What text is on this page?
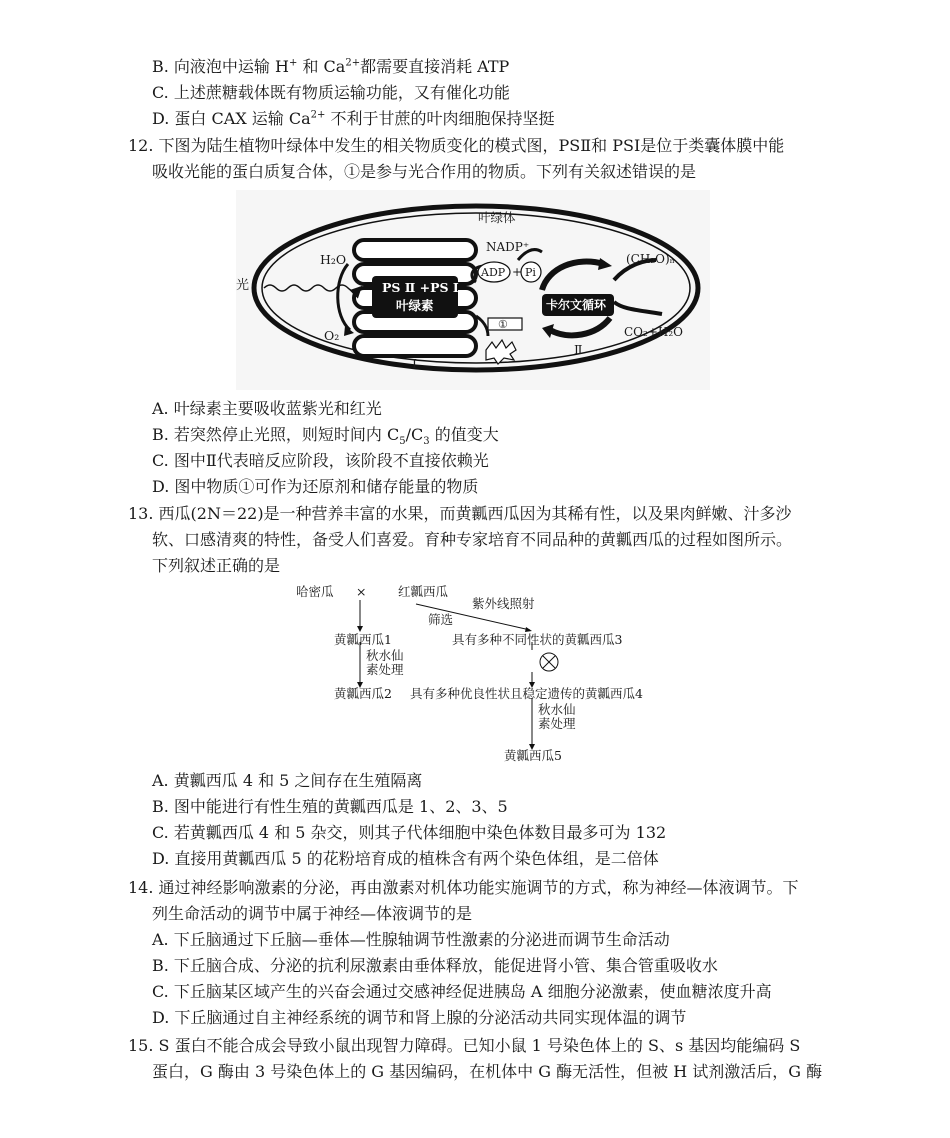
B. 向液泡中运输 H+ 和 $Ca^{2+}$都需要直接消耗 ATP
C. 上述蔗糖载体既有物质运输功能，又有催化功能
D. 蛋白 CAX 运输 $Ca^{2+}$ 不利于甘蔗的叶肉细胞保持坚挺
12. 下图为陆生植物叶绿体中发生的相关物质变化的模式图，PSⅡ和 PSⅠ是位于类囊体膜中能
吸收光能的蛋白质复合体，①是参与光合作用的物质。下列有关叙述错误的是
叶绿体
光
H₂O
O₂
PS Ⅱ +PS Ⅰ
叶绿素
NADP⁺
ADP + Pi
①
卡尔文循环
(CH₂O)ₙ
CO₂+H₂O
Ⅰ
Ⅱ
A. 叶绿素主要吸收蓝紫光和红光
B. 若突然停止光照，则短时间内 $C_5/C_3$ 的值变大
C. 图中Ⅱ代表暗反应阶段，该阶段不直接依赖光
D. 图中物质①可作为还原剂和储存能量的物质
13. 西瓜(2N＝22)是一种营养丰富的水果，而黄瓤西瓜因为其稀有性，以及果肉鲜嫩、汁多沙
软、口感清爽的特性，备受人们喜爱。育种专家培育不同品种的黄瓤西瓜的过程如图所示。
下列叙述正确的是
哈密瓜 ×	红瓤西瓜
紫外线照射
筛选
黄瓤西瓜1	具有多种不同性状的黄瓤西瓜3
秋水仙
素处理
黄瓤西瓜2 具有多种优良性状且稳定遗传的黄瓤西瓜4
秋水仙
素处理
黄瓤西瓜5
A. 黄瓤西瓜 4 和 5 之间存在生殖隔离
B. 图中能进行有性生殖的黄瓤西瓜是 1、2、3、5
C. 若黄瓤西瓜 4 和 5 杂交，则其子代体细胞中染色体数目最多可为 132
D. 直接用黄瓤西瓜 5 的花粉培育成的植株含有两个染色体组，是二倍体
14. 通过神经影响激素的分泌，再由激素对机体功能实施调节的方式，称为神经—体液调节。下
列生命活动的调节中属于神经—体液调节的是
A. 下丘脑通过下丘脑—垂体—性腺轴调节性激素的分泌进而调节生命活动
B. 下丘脑合成、分泌的抗利尿激素由垂体释放，能促进肾小管、集合管重吸收水
C. 下丘脑某区域产生的兴奋会通过交感神经促进胰岛 A 细胞分泌激素，使血糖浓度升高
D. 下丘脑通过自主神经系统的调节和肾上腺的分泌活动共同实现体温的调节
15. S 蛋白不能合成会导致小鼠出现智力障碍。已知小鼠 1 号染色体上的 S、s 基因均能编码 S
蛋白，G 酶由 3 号染色体上的 G 基因编码，在机体中 G 酶无活性，但被 H 试剂激活后，G 酶
